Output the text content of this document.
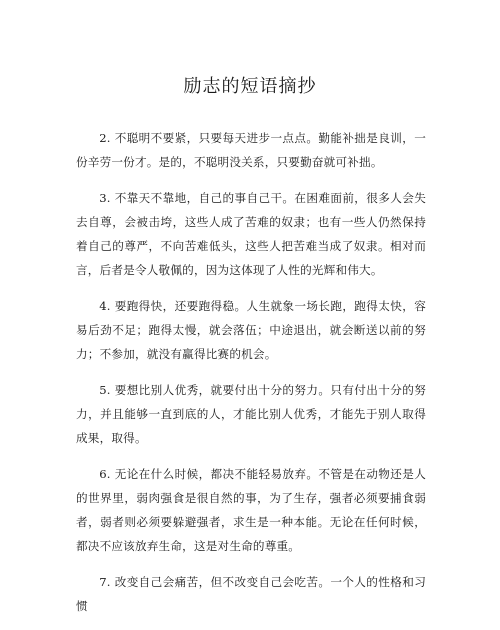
励志的短语摘抄

2. 不聪明不要紧，只要每天进步一点点。勤能补拙是良训，一份辛劳一份才。是的，不聪明没关系，只要勤奋就可补拙。

3. 不靠天不靠地，自己的事自己干。在困难面前，很多人会失去自尊，会被击垮，这些人成了苦难的奴隶；也有一些人仍然保持着自己的尊严，不向苦难低头，这些人把苦难当成了奴隶。相对而言，后者是令人敬佩的，因为这体现了人性的光辉和伟大。

4. 要跑得快，还要跑得稳。人生就象一场长跑，跑得太快，容易后劲不足；跑得太慢，就会落伍；中途退出，就会断送以前的努力；不参加，就没有赢得比赛的机会。

5. 要想比别人优秀，就要付出十分的努力。只有付出十分的努力，并且能够一直到底的人，才能比别人优秀，才能先于别人取得成果，取得。

6. 无论在什么时候，都决不能轻易放弃。不管是在动物还是人的世界里，弱肉强食是很自然的事，为了生存，强者必须要捕食弱者，弱者则必须要躲避强者，求生是一种本能。无论在任何时候，都决不应该放弃生命，这是对生命的尊重。

7. 改变自己会痛苦，但不改变自己会吃苦。一个人的性格和习惯
